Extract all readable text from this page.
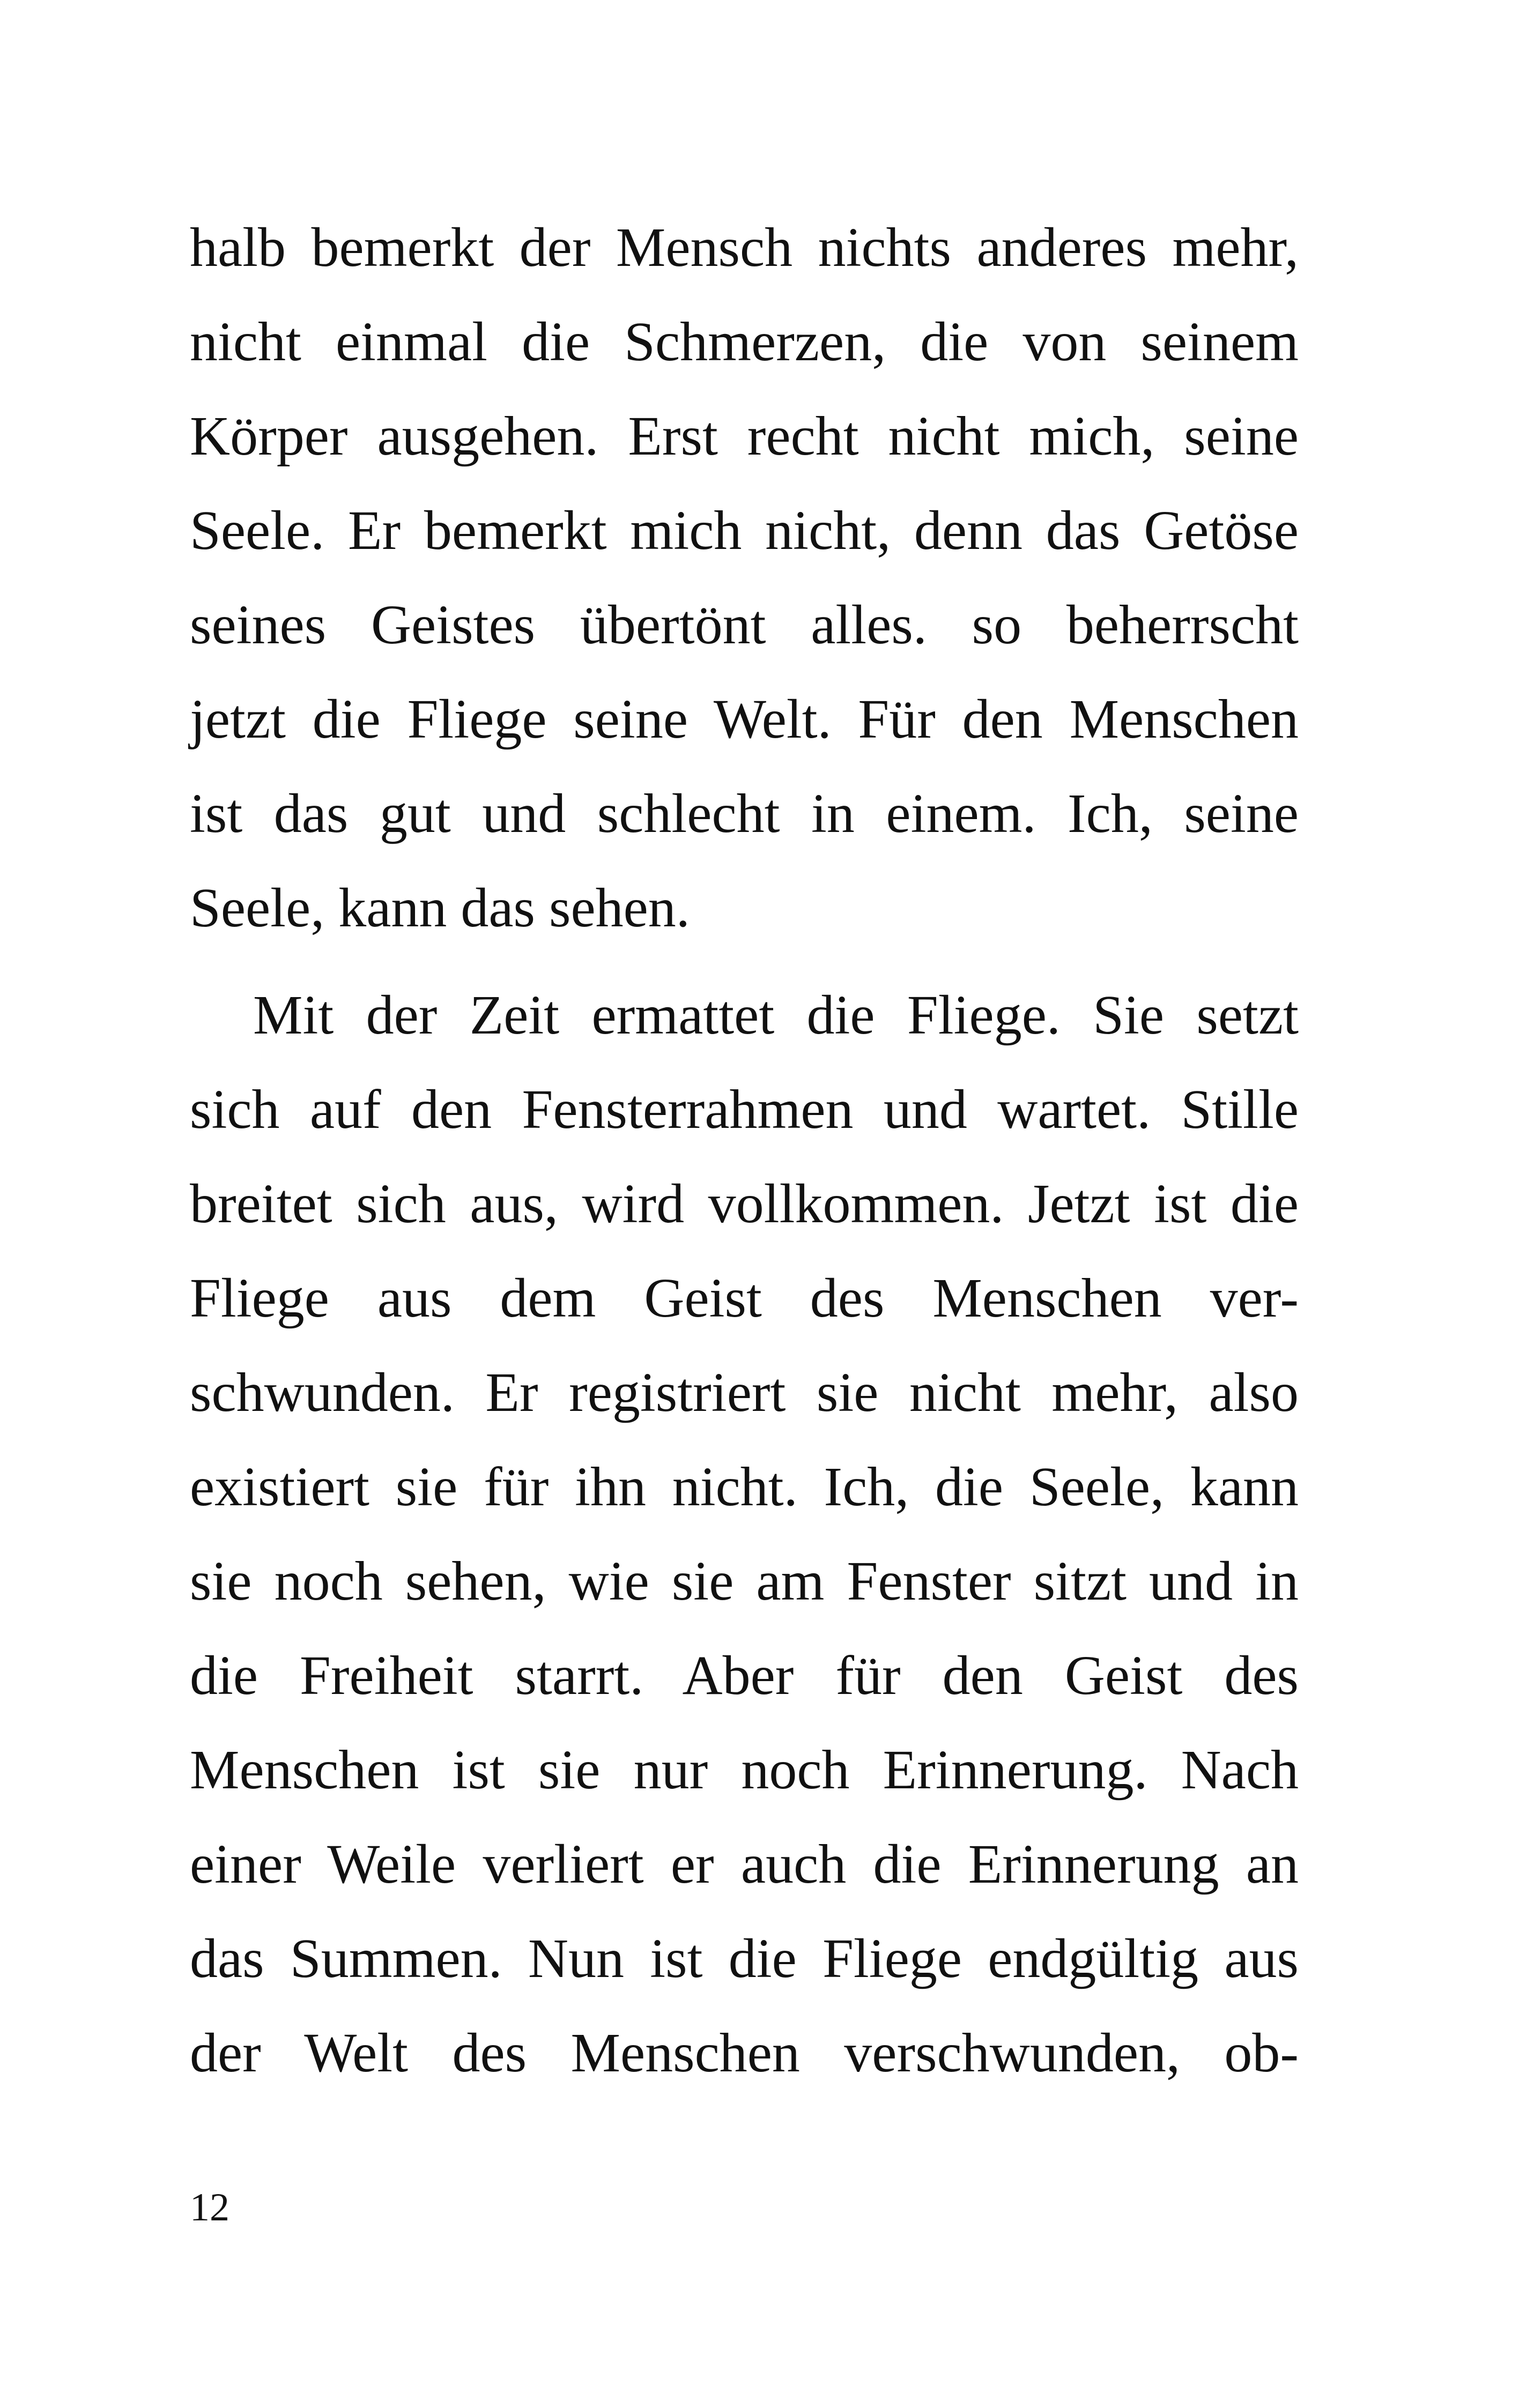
halb bemerkt der Mensch nichts anderes mehr,
nicht einmal die Schmerzen, die von seinem
Körper ausgehen. Erst recht nicht mich, seine
Seele. Er bemerkt mich nicht, denn das Getöse
seines Geistes übertönt alles. so beherrscht
jetzt die Fliege seine Welt. Für den Menschen
ist das gut und schlecht in einem. Ich, seine
Seele, kann das sehen.
Mit der Zeit ermattet die Fliege. Sie setzt
sich auf den Fensterrahmen und wartet. Stille
breitet sich aus, wird vollkommen. Jetzt ist die
Fliege aus dem Geist des Menschen ver-
schwunden. Er registriert sie nicht mehr, also
existiert sie für ihn nicht. Ich, die Seele, kann
sie noch sehen, wie sie am Fenster sitzt und in
die Freiheit starrt. Aber für den Geist des
Menschen ist sie nur noch Erinnerung. Nach
einer Weile verliert er auch die Erinnerung an
das Summen. Nun ist die Fliege endgültig aus
der Welt des Menschen verschwunden, ob-
12
